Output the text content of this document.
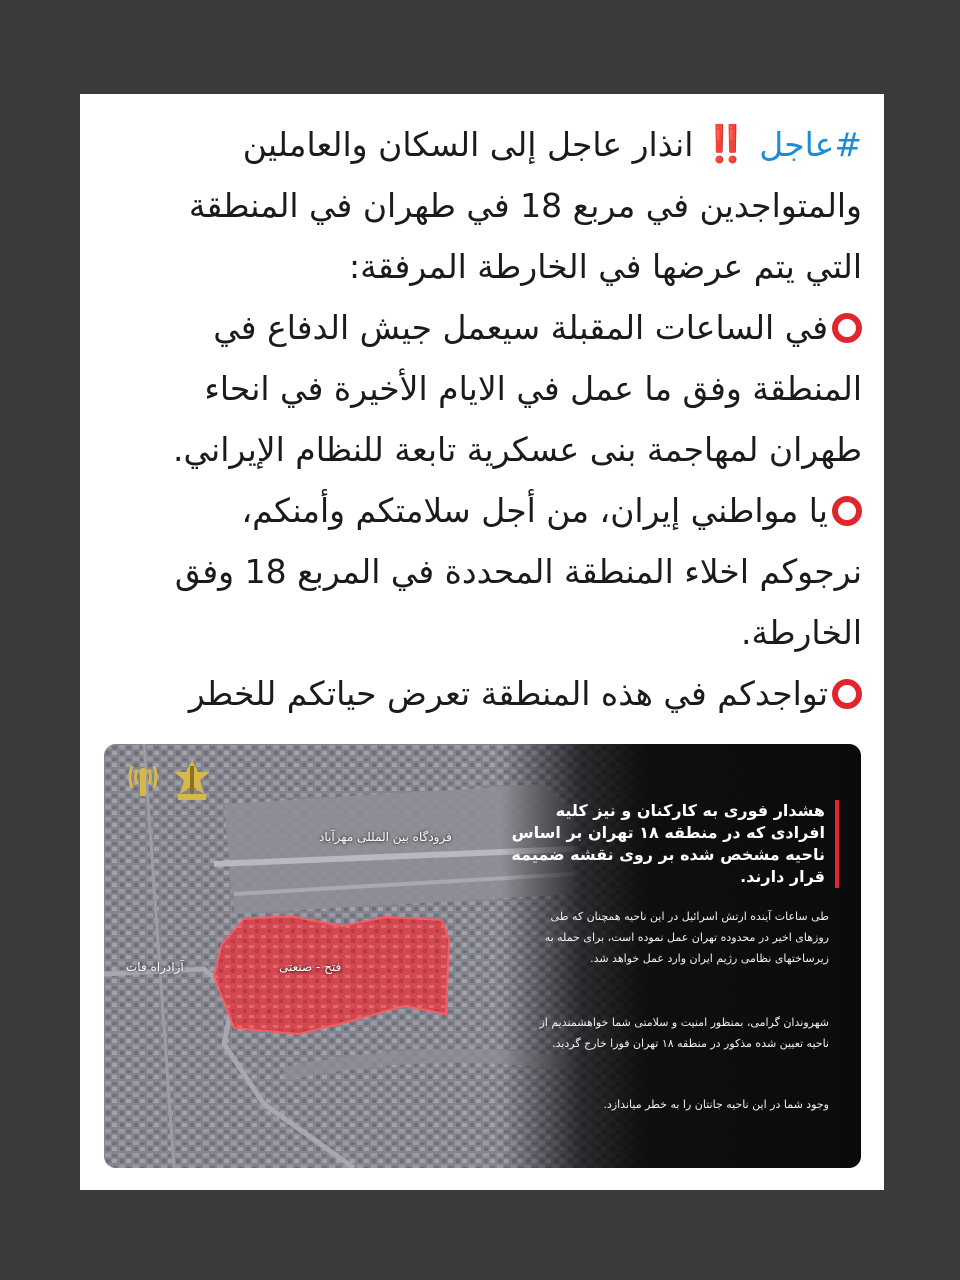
#عاجل ‼️ انذار عاجل إلى السكان والعاملين والمتواجدين في مربع 18 في طهران في المنطقة التي يتم عرضها في الخارطة المرفقة:

في الساعات المقبلة سيعمل جيش الدفاع في المنطقة وفق ما عمل في الايام الأخيرة في انحاء طهران لمهاجمة بنى عسكرية تابعة للنظام الإيراني.

يا مواطني إيران، من أجل سلامتكم وأمنكم، نرجوكم اخلاء المنطقة المحددة في المربع 18 وفق الخارطة.

تواجدكم في هذه المنطقة تعرض حياتكم للخطر

هشدار فوری به کارکنان و نیز کلیه افرادی که در منطقه ۱۸ تهران بر اساس ناحیه مشخص شده بر روی نقشه ضمیمه قرار دارند.
طی ساعات آینده ارتش اسرائیل در این ناحیه همچنان که طی روزهای اخیر در محدوده تهران عمل نموده است، برای حمله به زیرساختهای نظامی رژیم ایران وارد عمل خواهد شد.
شهروندان گرامی، بمنظور امنیت و سلامتی شما خواهشمندیم از ناحیه تعیین شده مذکور در منطقه ۱۸ تهران فورا خارج گردید.
وجود شما در این ناحیه جانتان را به خطر میاندازد.
فرودگاه بین المللی مهرآباد
فتح - صنعتی
آزادراه فات
